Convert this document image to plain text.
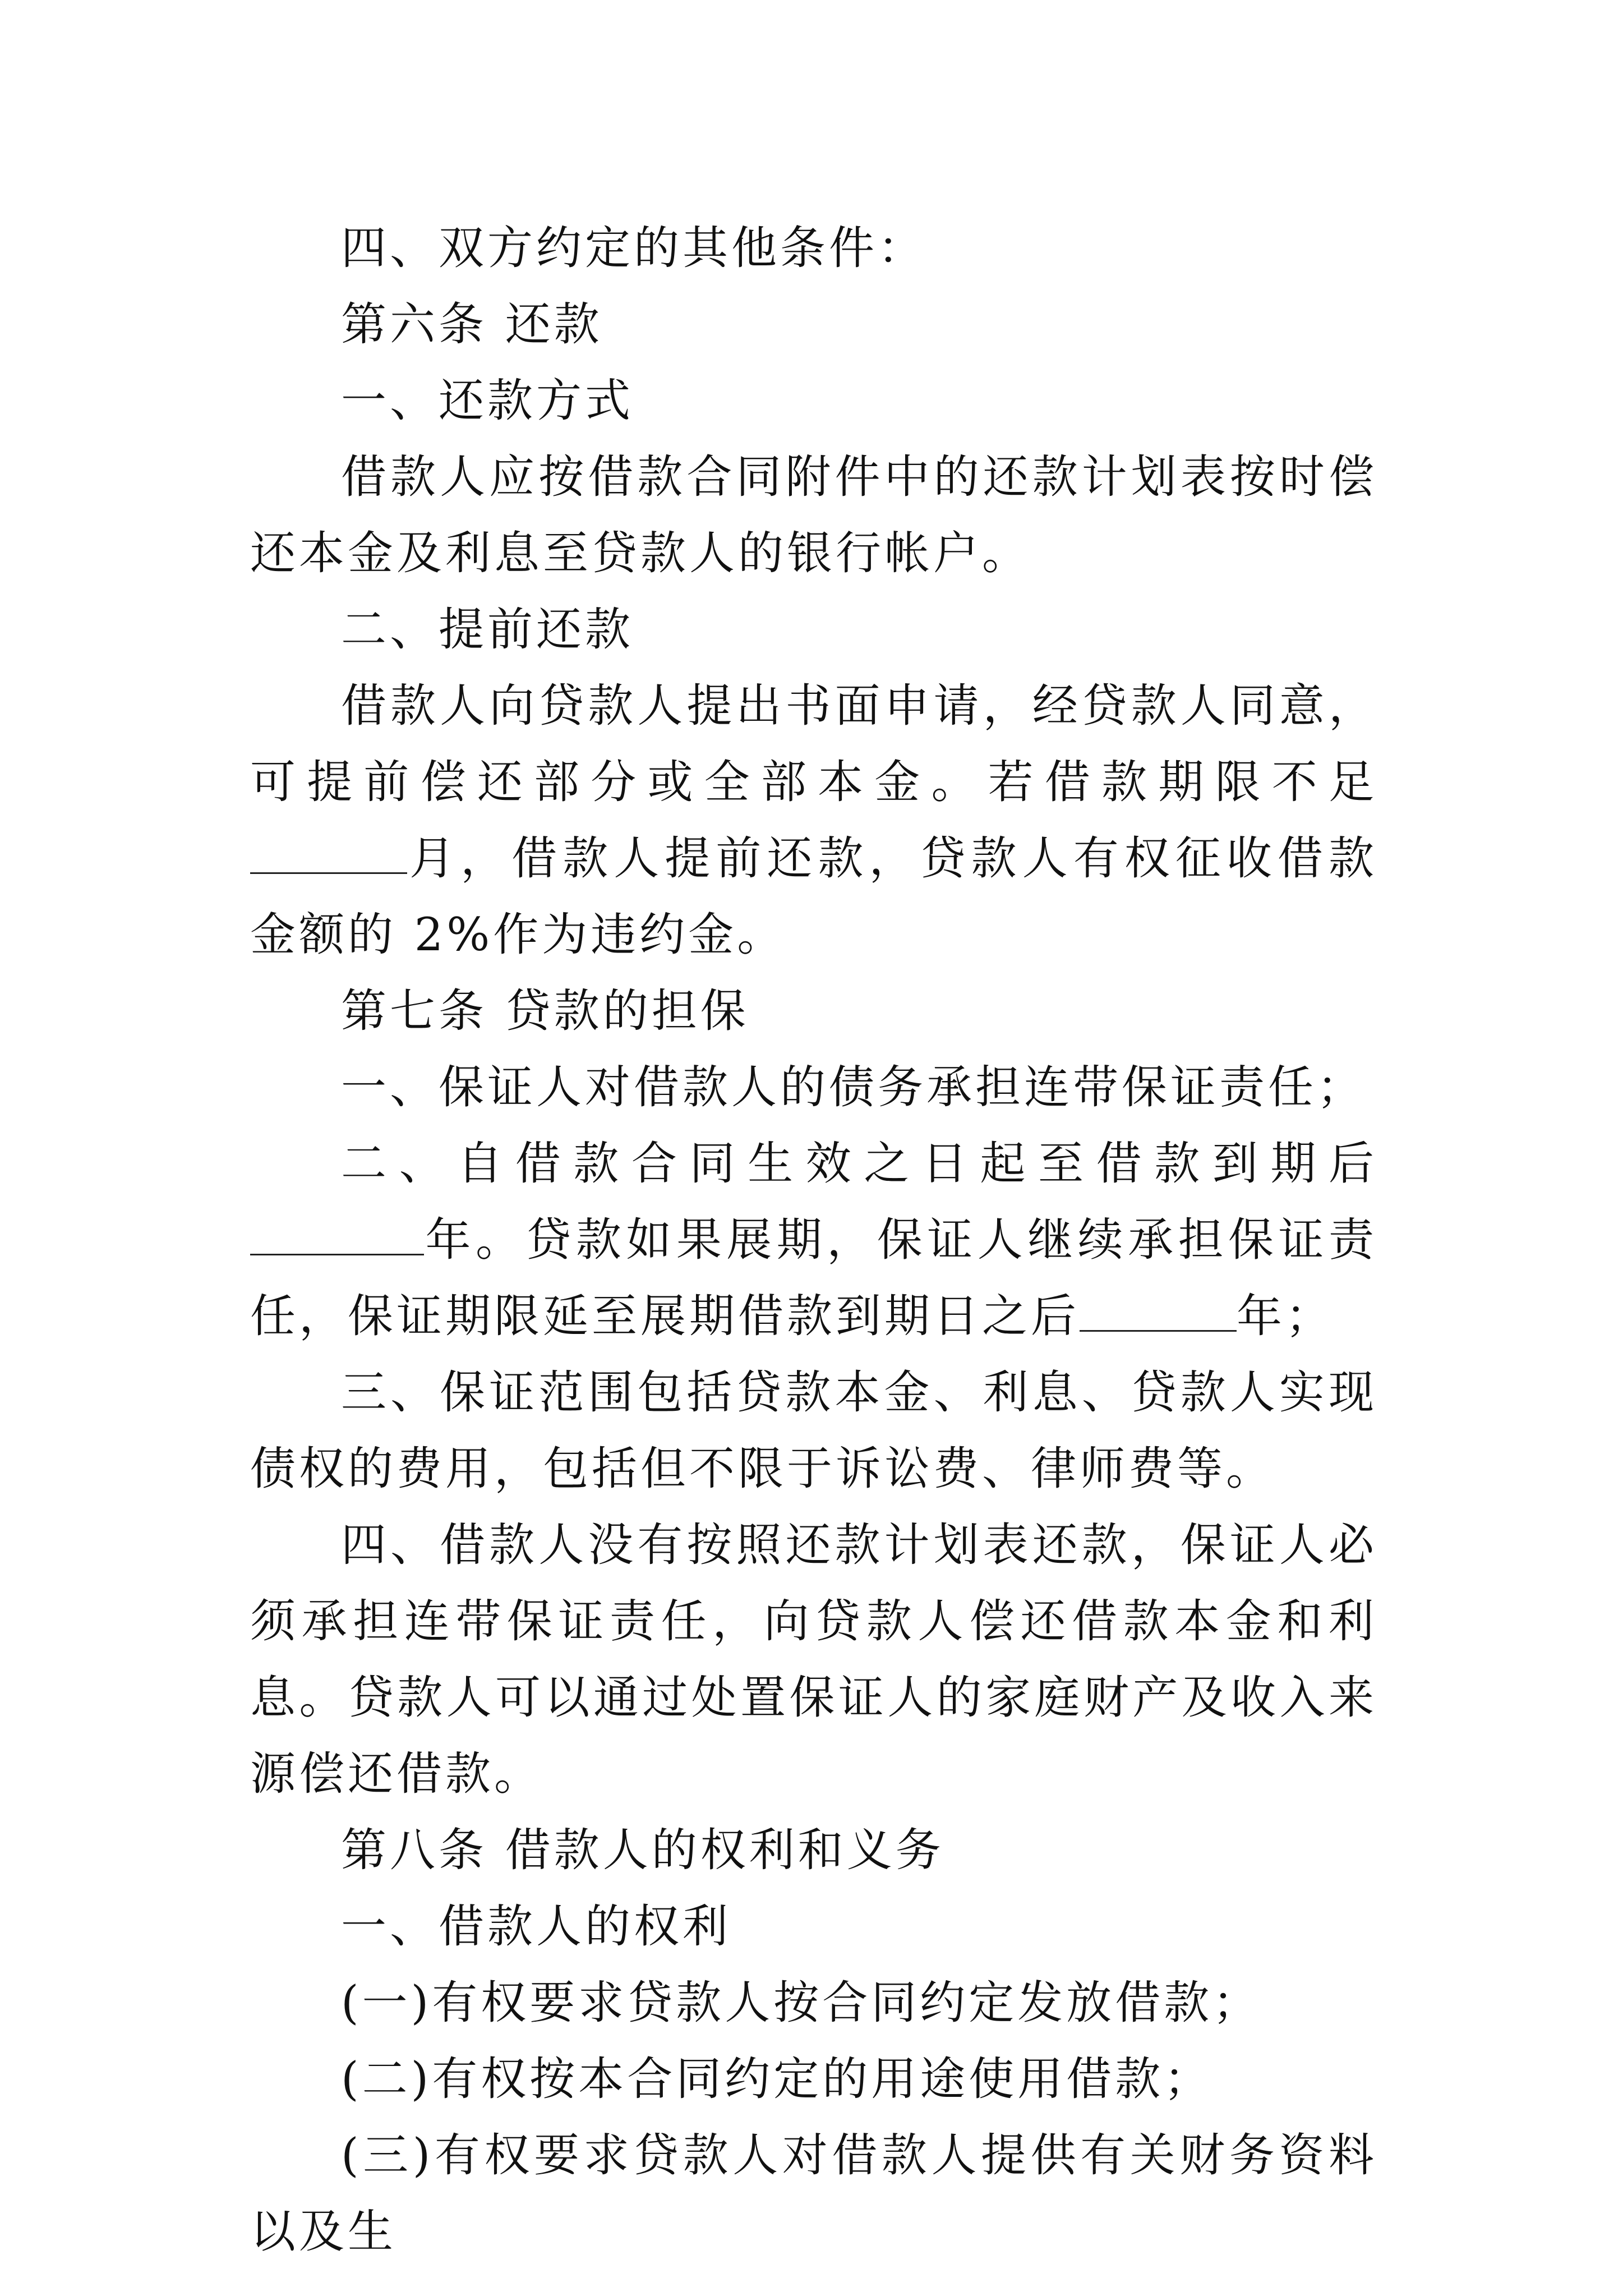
四、双方约定的其他条件：

第六条 还款

一、还款方式

借款人应按借款合同附件中的还款计划表按时偿还本金及利息至贷款人的银行帐户。

二、提前还款

借款人向贷款人提出书面申请，经贷款人同意，可提前偿还部分或全部本金。若借款期限不足月，借款人提前还款，贷款人有权征收借款金额的 2%作为违约金。

第七条 贷款的担保

一、保证人对借款人的债务承担连带保证责任；

二、自借款合同生效之日起至借款到期后年。贷款如果展期，保证人继续承担保证责任，保证期限延至展期借款到期日之后	年；

三、保证范围包括贷款本金、利息、贷款人实现债权的费用，包括但不限于诉讼费、律师费等。

四、借款人没有按照还款计划表还款，保证人必须承担连带保证责任，向贷款人偿还借款本金和利息。贷款人可以通过处置保证人的家庭财产及收入来源偿还借款。

第八条 借款人的权利和义务

一、借款人的权利

(一)有权要求贷款人按合同约定发放借款；

(二)有权按本合同约定的用途使用借款；

(三)有权要求贷款人对借款人提供有关财务资料以及生
